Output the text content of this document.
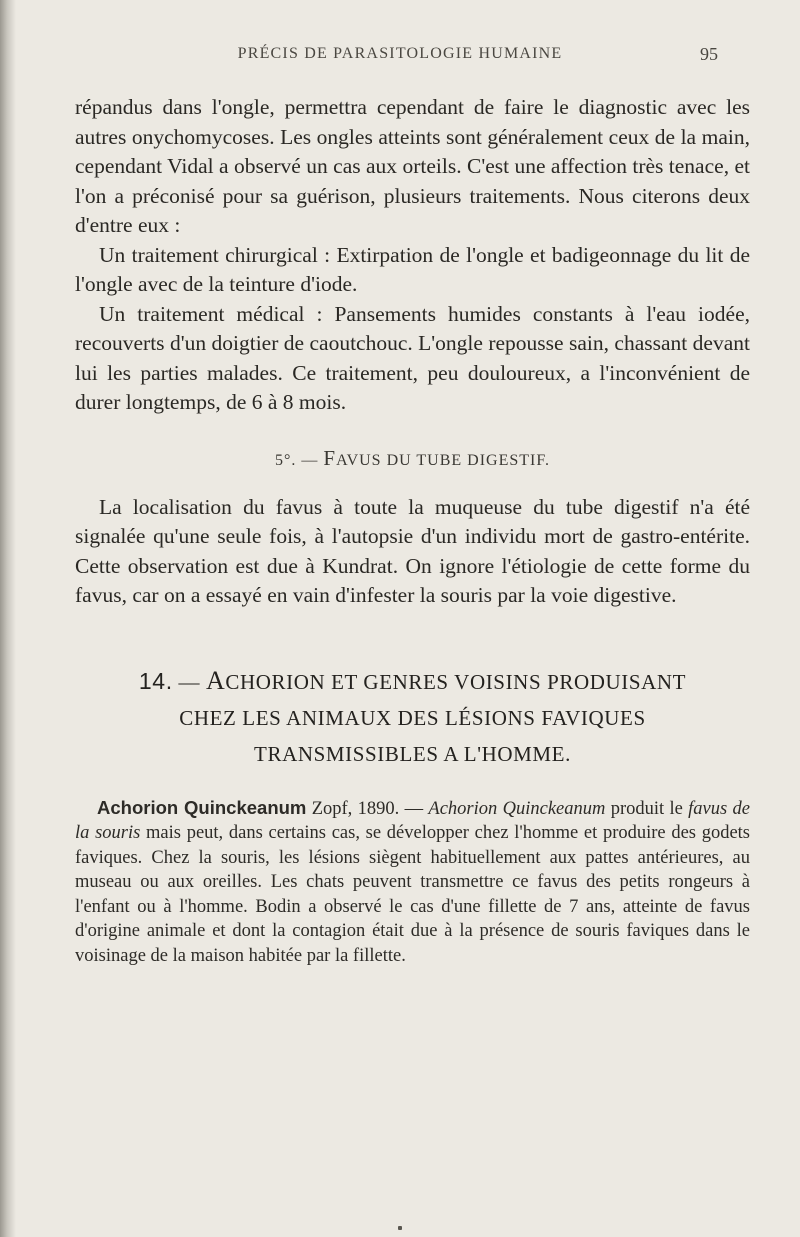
PRÉCIS DE PARASITOLOGIE HUMAINE	95

répandus dans l'ongle, permettra cependant de faire le diagnostic avec les autres onychomycoses. Les ongles atteints sont généralement ceux de la main, cependant Vidal a observé un cas aux orteils. C'est une affection très tenace, et l'on a préconisé pour sa guérison, plusieurs traitements. Nous citerons deux d'entre eux :

Un traitement chirurgical : Extirpation de l'ongle et badigeonnage du lit de l'ongle avec de la teinture d'iode.

Un traitement médical : Pansements humides constants à l'eau iodée, recouverts d'un doigtier de caoutchouc. L'ongle repousse sain, chassant devant lui les parties malades. Ce traitement, peu douloureux, a l'inconvénient de durer longtemps, de 6 à 8 mois.

5°. — FAVUS DU TUBE DIGESTIF.

La localisation du favus à toute la muqueuse du tube digestif n'a été signalée qu'une seule fois, à l'autopsie d'un individu mort de gastro-entérite. Cette observation est due à Kundrat. On ignore l'étiologie de cette forme du favus, car on a essayé en vain d'infester la souris par la voie digestive.

14. — ACHORION ET GENRES VOISINS PRODUISANT
CHEZ LES ANIMAUX DES LÉSIONS FAVIQUES
TRANSMISSIBLES A L'HOMME.

Achorion Quinckeanum Zopf, 1890. — Achorion Quinckeanum produit le favus de la souris mais peut, dans certains cas, se développer chez l'homme et produire des godets faviques. Chez la souris, les lésions siègent habituellement aux pattes antérieures, au museau ou aux oreilles. Les chats peuvent transmettre ce favus des petits rongeurs à l'enfant ou à l'homme. Bodin a observé le cas d'une fillette de 7 ans, atteinte de favus d'origine animale et dont la contagion était due à la présence de souris faviques dans le voisinage de la maison habitée par la fillette.
